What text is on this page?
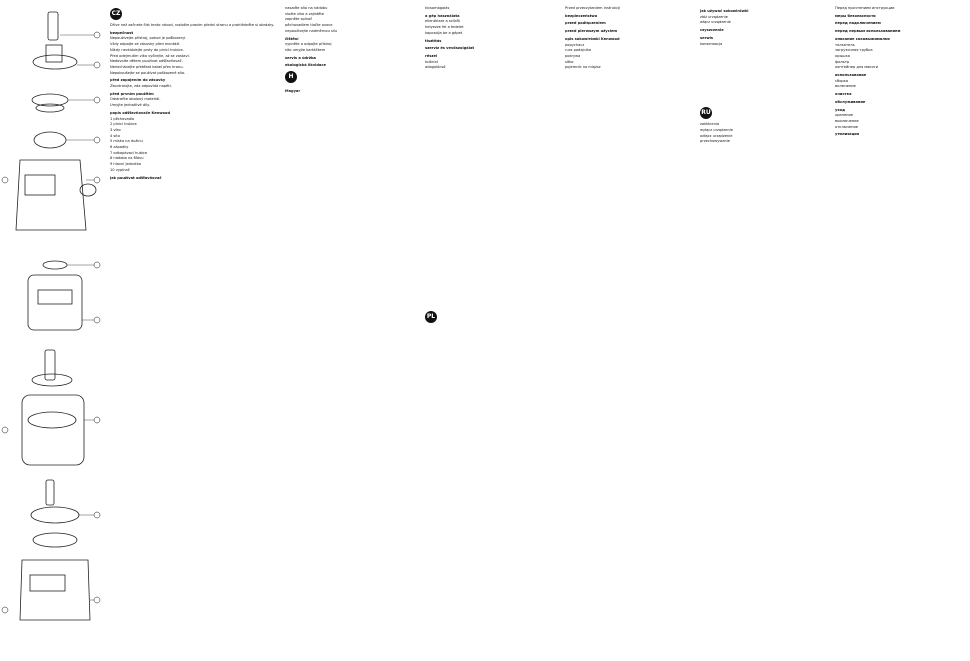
CZ

Dříve než začnete číst tento návod, rozložte prosím přední stranu a prohlédněte si obrázky.

bezpečnost

Nepoužívejte přístroj, pokud je poškozený.

Vždy odpojte ze zásuvky před montáží.

Nikdy nevkládejte prsty do plnicí trubice.

Před odejmutím víka vyčkejte, až se zastaví.

Nedovolte dětem používat odšťavňovač.

Nenechávejte přetékat kabel přes hranu.

Nepokoušejte se používat poškozené síto.

před zapojením do zásuvky

Zkontrolujte, zda odpovídá napětí.

před prvním použitím

Odstraňte obalový materiál.

Umyjte jednotlivé díly.

popis odšťavňovače Kenwood

1 pěchovadlo

2 plnicí trubice

3 víko

4 síto

5 miska na dužinu

6 západky

7 odkapávací hubice

8 nádoba na šťávu

9 hlavní jednotka

10 vypínač

jak používat odšťavňovač

nasaďte síto na nádobu

vložte víko a zajistěte

zapněte spínač

pěchovadlem tlačte ovoce

nepoužívejte nadměrnou sílu

čištění

vypněte a odpojte přístroj

síto umyjte kartáčkem

servis a údržba

ekologická likvidace

H

Magyar

kicsomagolás

a gép használata

ellenőrizze a szűrőt

helyezze fel a fedelet

kapcsolja be a gépet

tisztítás

szerviz és vevőszolgálat

részei

tolórúd

adagolócső

PL

Przed przeczytaniem instrukcji

bezpieczeństwo

przed podłączeniem

przed pierwszym użyciem

opis sokowirówki Kenwood

popychacz

rura podajnika

pokrywa

sitko

pojemnik na miąższ

jak używać sokowirówki

złóż urządzenie

włącz urządzenie

czyszczenie

serwis

konserwacja

RU

zakłócenia

wyłącz urządzenie

odłącz urządzenie

przechowywanie

Перед прочтением инструкции

меры безопасности

перед подключением

перед первым использованием

описание соковыжималки

толкатель

загрузочная трубка

крышка

фильтр

контейнер для мякоти

использование

сборка

включение

очистка

обслуживание

уход

хранение

выключение

отключение

утилизация
